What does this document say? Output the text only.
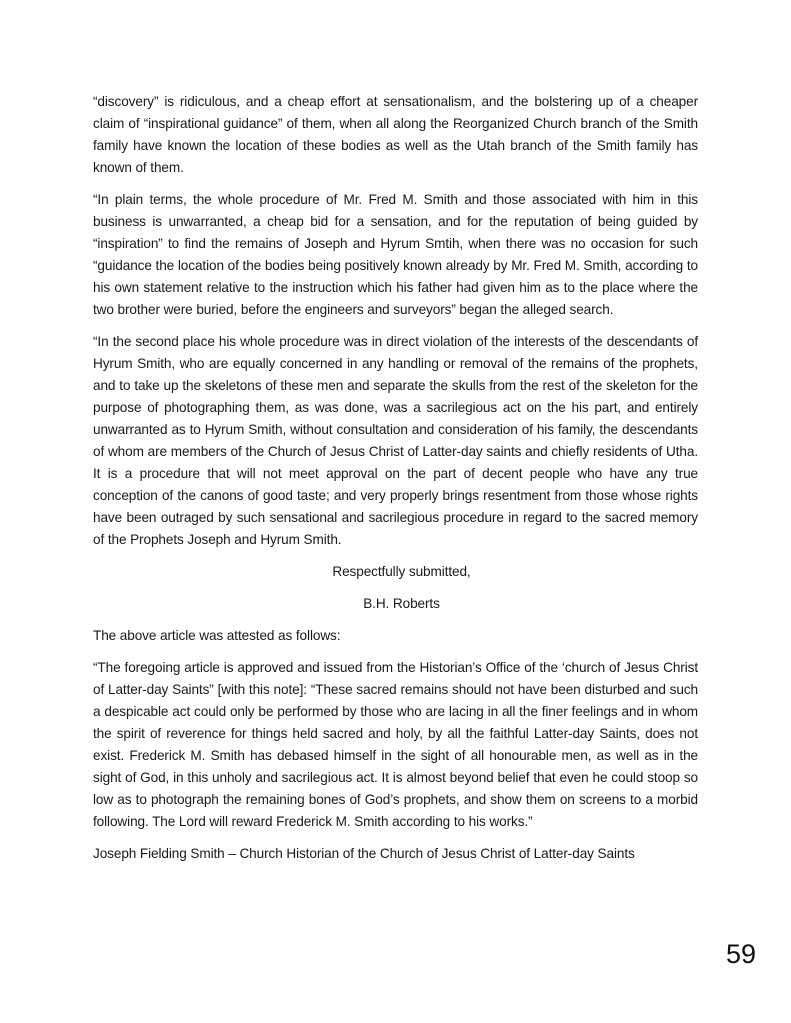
“discovery” is ridiculous, and a cheap effort at sensationalism, and the bolstering up of a cheaper claim of “inspirational guidance” of them, when all along the Reorganized Church branch of the Smith family have known the location of these bodies as well as the Utah branch of the Smith family has known of them.

“In plain terms, the whole procedure of Mr. Fred M. Smith and those associated with him in this business is unwarranted, a cheap bid for a sensation, and for the reputation of being guided by “inspiration” to find the remains of Joseph and Hyrum Smtih, when there was no occasion for such “guidance the location of the bodies being positively known already by Mr. Fred M. Smith, according to his own statement relative to the instruction which his father had given him as to the place where the two brother were buried, before the engineers and surveyors” began the alleged search.

“In the second place his whole procedure was in direct violation of the interests of the descendants of Hyrum Smith, who are equally concerned in any handling or removal of the remains of the prophets, and to take up the skeletons of these men and separate the skulls from the rest of the skeleton for the purpose of photographing them, as was done, was a sacrilegious act on the his part, and entirely unwarranted as to Hyrum Smith, without consultation and consideration of his family, the descendants of whom are members of the Church of Jesus Christ of Latter-day saints and chiefly residents of Utha. It is a procedure that will not meet approval on the part of decent people who have any true conception of the canons of good taste; and very properly brings resentment from those whose rights have been outraged by such sensational and sacrilegious procedure in regard to the sacred memory of the Prophets Joseph and Hyrum Smith.

Respectfully submitted,

B.H. Roberts

The above article was attested as follows:

“The foregoing article is approved and issued from the Historian’s Office of the ‘church of Jesus Christ of Latter-day Saints” [with this note]: “These sacred remains should not have been disturbed and such a despicable act could only be performed by those who are lacing in all the finer feelings and in whom the spirit of reverence for things held sacred and holy, by all the faithful Latter-day Saints, does not exist. Frederick M. Smith has debased himself in the sight of all honourable men, as well as in the sight of God, in this unholy and sacrilegious act. It is almost beyond belief that even he could stoop so low as to photograph the remaining bones of God’s prophets, and show them on screens to a morbid following. The Lord will reward Frederick M. Smith according to his works.”

Joseph Fielding Smith – Church Historian of the Church of Jesus Christ of Latter-day Saints

59
